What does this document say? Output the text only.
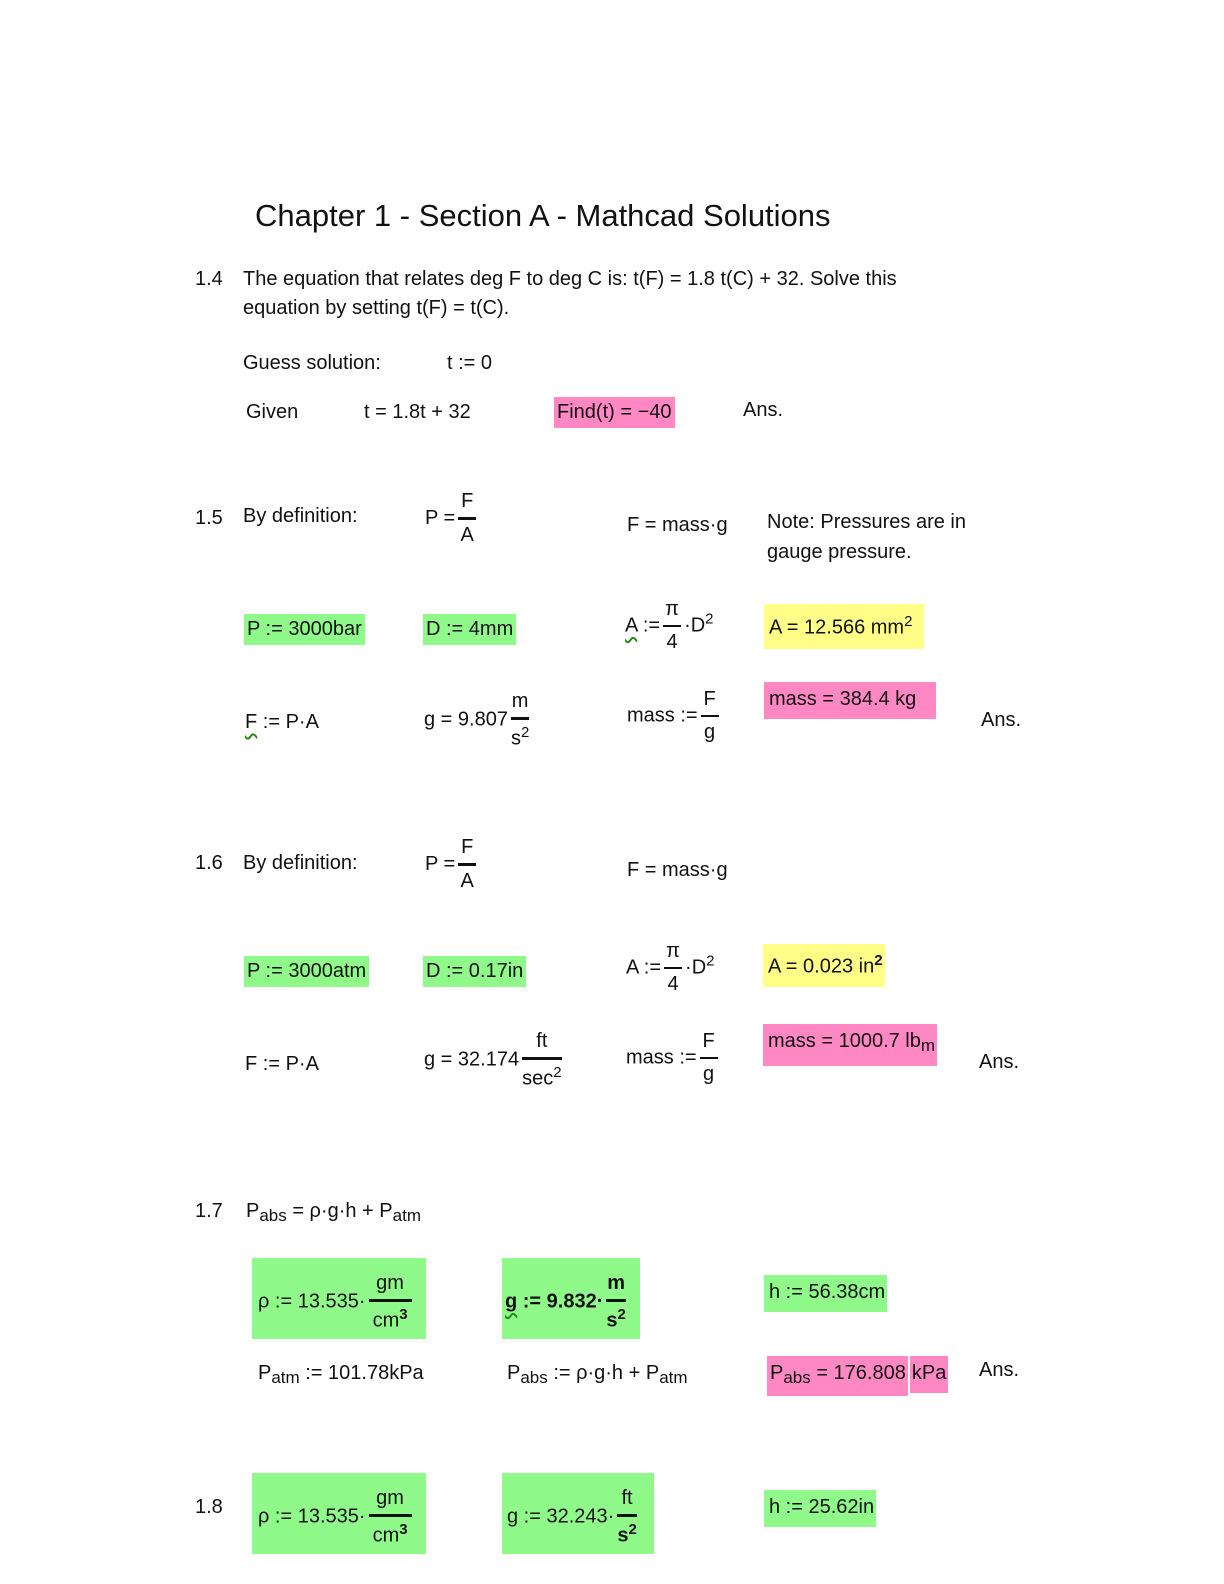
Chapter 1 - Section A - Mathcad Solutions
1.4 The equation that relates deg F to deg C is: t(F) = 1.8 t(C) + 32. Solve this
equation by setting t(F) = t(C).
Guess solution:	t := 0
Given	t = 1.8t + 32	Find(t) = −40	Ans.
1.5 By definition:	$P = \frac{F}{A}$	F = mass·g Note: Pressures are in
gauge pressure.
P := 3000bar	D := 4mm	A := $\frac{\pi}{4} \cdot D^2$	A = 12.566 $mm^2$
F := P·A	$g = 9.807 \frac{m}{s^2}$	mass := $\frac{F}{g}$	mass = 384.4 kg
Ans.
1.6 By definition:	$P = \frac{F}{A}$	F = mass·g
P := 3000atm	D := 0.17in	A := $\frac{\pi}{4} \cdot D^2$	A = 0.023 $in^2$
F := P·A	$g = 32.174 \frac{ft}{\sec^2}$	mass := $\frac{F}{g}$	mass = 1000.7 $lb_m$
Ans.
1.7 $P_{abs} = \rho\cdot g\cdot h + P_{atm}$
ρ := $13.535\cdot \frac{gm}{cm^3}$	g := $9.832\cdot \frac{m}{s^2}$	h := 56.38cm
$P_{atm}$ := 101.78kPa	$P_{abs}$ := $\rho\cdot g\cdot h + P_{atm}$	$P_{abs} = 176.808$ kPa Ans.
1.8 ρ := $13.535\cdot \frac{gm}{cm^3}$	g := $32.243\cdot \frac{ft}{s^2}$	h := 25.62in
